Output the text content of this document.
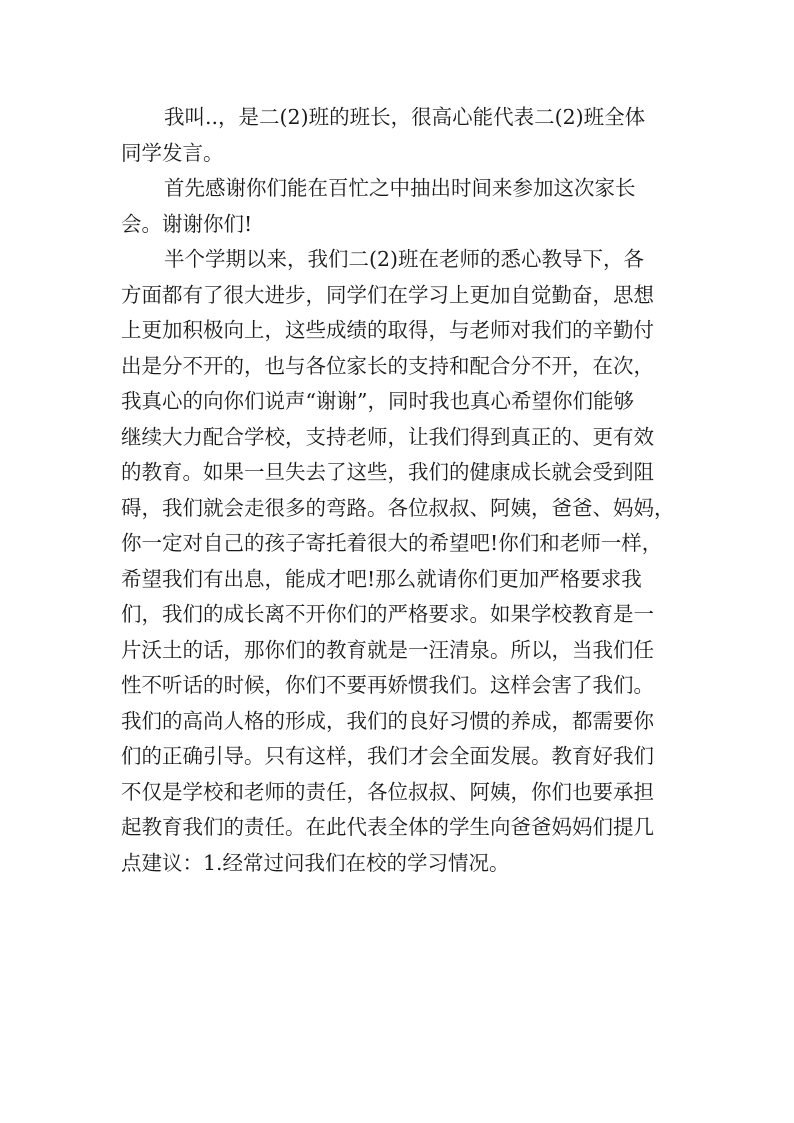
我叫..，是二(2)班的班长，很高心能代表二(2)班全体
同学发言。
首先感谢你们能在百忙之中抽出时间来参加这次家长
会。谢谢你们!
半个学期以来，我们二(2)班在老师的悉心教导下，各
方面都有了很大进步，同学们在学习上更加自觉勤奋，思想
上更加积极向上，这些成绩的取得，与老师对我们的辛勤付
出是分不开的，也与各位家长的支持和配合分不开，在次，
我真心的向你们说声“谢谢”，同时我也真心希望你们能够
继续大力配合学校，支持老师，让我们得到真正的、更有效
的教育。如果一旦失去了这些，我们的健康成长就会受到阻
碍，我们就会走很多的弯路。各位叔叔、阿姨，爸爸、妈妈，
你一定对自己的孩子寄托着很大的希望吧!你们和老师一样，
希望我们有出息，能成才吧!那么就请你们更加严格要求我
们，我们的成长离不开你们的严格要求。如果学校教育是一
片沃土的话，那你们的教育就是一汪清泉。所以，当我们任
性不听话的时候，你们不要再娇惯我们。这样会害了我们。
我们的高尚人格的形成，我们的良好习惯的养成，都需要你
们的正确引导。只有这样，我们才会全面发展。教育好我们
不仅是学校和老师的责任，各位叔叔、阿姨，你们也要承担
起教育我们的责任。在此代表全体的学生向爸爸妈妈们提几
点建议：1.经常过问我们在校的学习情况。
